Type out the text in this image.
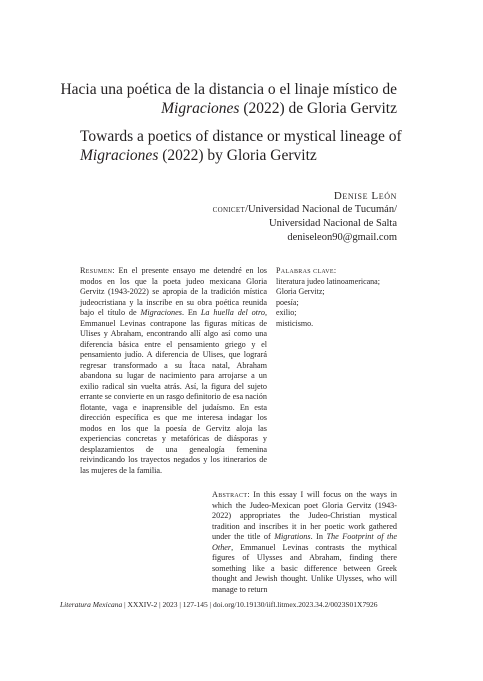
Hacia una poética de la distancia o el linaje místico de Migraciones (2022) de Gloria Gervitz
Towards a poetics of distance or mystical lineage of Migraciones (2022) by Gloria Gervitz
Denise León
conicet/Universidad Nacional de Tucumán/
Universidad Nacional de Salta
deniseleon90@gmail.com
Resumen: En el presente ensayo me detendré en los modos en los que la poeta judeo mexicana Gloria Gervitz (1943-2022) se apropia de la tradición mística judeocristiana y la inscribe en su obra poética reunida bajo el título de Migraciones. En La huella del otro, Emmanuel Levinas contrapone las figuras míticas de Ulises y Abraham, encontrando allí algo así como una diferencia básica entre el pensamiento griego y el pensamiento judío. A diferencia de Ulises, que logrará regresar transformado a su Ítaca natal, Abraham abandona su lugar de nacimiento para arrojarse a un exilio radical sin vuelta atrás. Así, la figura del sujeto errante se convierte en un rasgo definitorio de esa nación flotante, vaga e inaprensible del judaísmo. En esta dirección específica es que me interesa indagar los modos en los que la poesía de Gervitz aloja las experiencias concretas y metafóricas de diásporas y desplazamientos de una genealogía femenina reivindicando los trayectos negados y los itinerarios de las mujeres de la familia.
Palabras clave:
literatura judeo latinoamericana;
Gloria Gervitz;
poesía;
exilio;
misticismo.
Abstract: In this essay I will focus on the ways in which the Judeo-Mexican poet Gloria Gervitz (1943-2022) appropriates the Judeo-Christian mystical tradition and inscribes it in her poetic work gathered under the title of Migrations. In The Footprint of the Other, Emmanuel Levinas contrasts the mythical figures of Ulysses and Abraham, finding there something like a basic difference between Greek thought and Jewish thought. Unlike Ulysses, who will manage to return
Literatura Mexicana | XXXIV-2 | 2023 | 127-145 | doi.org/10.19130/iifl.litmex.2023.34.2/0023S01X7926
